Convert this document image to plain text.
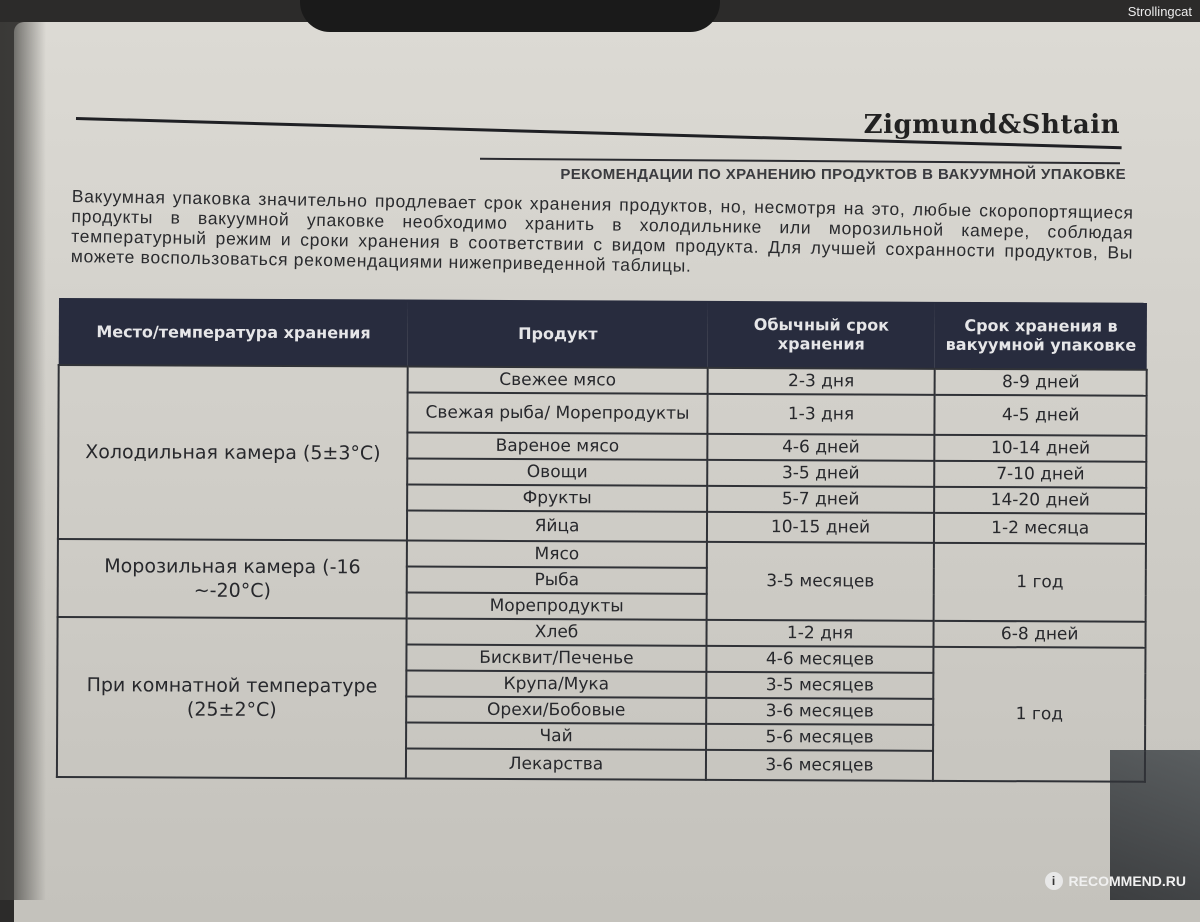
Strollingcat
Zigmund&Shtain
РЕКОМЕНДАЦИИ ПО ХРАНЕНИЮ ПРОДУКТОВ В ВАКУУМНОЙ УПАКОВКЕ
Вакуумная упаковка значительно продлевает срок хранения продуктов, но, несмотря на это, любые скоропортящиеся продукты в вакуумной упаковке необходимо хранить в холодильнике или морозильной камере, соблюдая температурный режим и сроки хранения в соответствии с видом продукта. Для лучшей сохранности продуктов, Вы можете воспользоваться рекомендациями нижеприведенной таблицы.
Место/температура хранения	Продукт	Обычный срок хранения	Срок хранения в вакуумной упаковке
Холодильная камера (5±3°С)	Свежее мясо	2-3 дня	8-9 дней
	Свежая рыба/ Морепродукты	1-3 дня	4-5 дней
	Вареное мясо	4-6 дней	10-14 дней
	Овощи	3-5 дней	7-10 дней
	Фрукты	5-7 дней	14-20 дней
	Яйца	10-15 дней	1-2 месяца
Морозильная камера (-16 ~-20°С)	Мясо	3-5 месяцев	1 год
	Рыба		
	Морепродукты		
При комнатной температуре (25±2°С)	Хлеб	1-2 дня	6-8 дней
	Бисквит/Печенье	4-6 месяцев	1 год
	Крупа/Мука	3-5 месяцев	
	Орехи/Бобовые	3-6 месяцев	
	Чай	5-6 месяцев	
	Лекарства	3-6 месяцев	
i RECOMMEND.RU
